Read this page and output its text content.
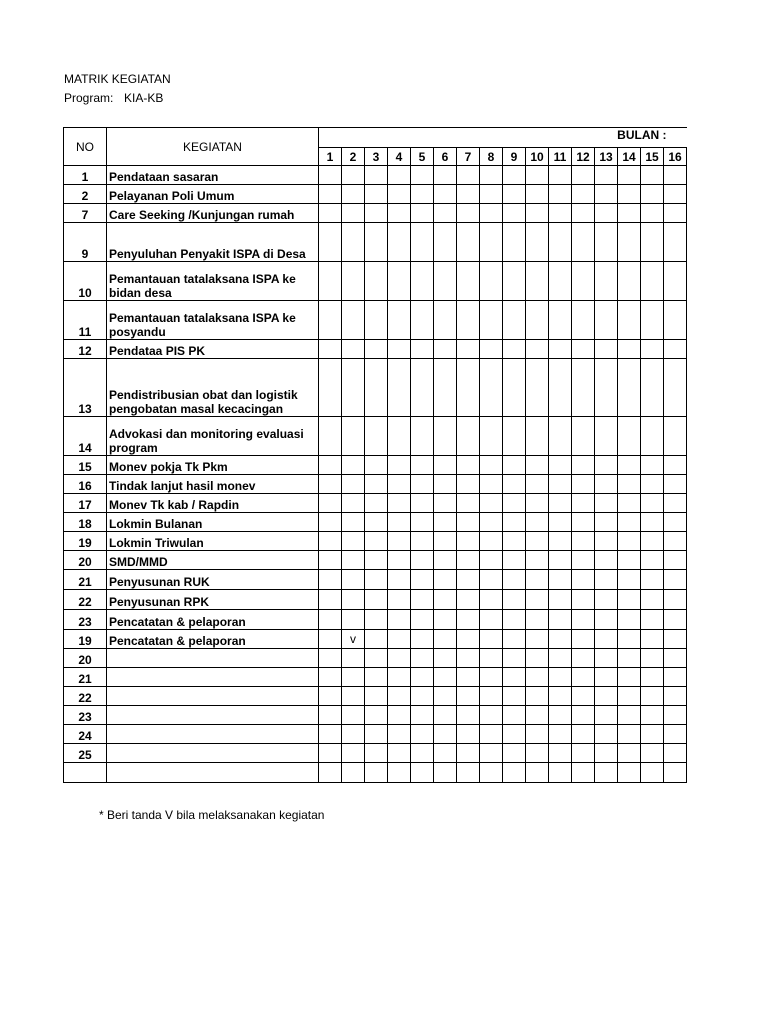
MATRIK KEGIATAN
Program: KIA-KB
NO	KEGIATAN	BULAN :															
		1	2	3	4	5	6	7	8	9	10	11	12	13	14	15	16
1	Pendataan sasaran																
2	Pelayanan Poli Umum																
7	Care Seeking /Kunjungan rumah																
9	Penyuluhan Penyakit ISPA di Desa																
10	Pemantauan tatalaksana ISPA ke bidan desa																
11	Pemantauan tatalaksana ISPA ke posyandu																
12	Pendataa PIS PK																
13	Pendistribusian obat dan logistik pengobatan masal kecacingan																
14	Advokasi dan monitoring evaluasi program																
15	Monev pokja Tk Pkm																
16	Tindak lanjut hasil monev																
17	Monev Tk kab / Rapdin																
18	Lokmin Bulanan																
19	Lokmin Triwulan																
20	SMD/MMD																
21	Penyusunan RUK																
22	Penyusunan RPK																
23	Pencatatan & pelaporan																
19	Pencatatan & pelaporan		v														
20																	
21																	
22																	
23																	
24																	
25																	

* Beri tanda V bila melaksanakan kegiatan
